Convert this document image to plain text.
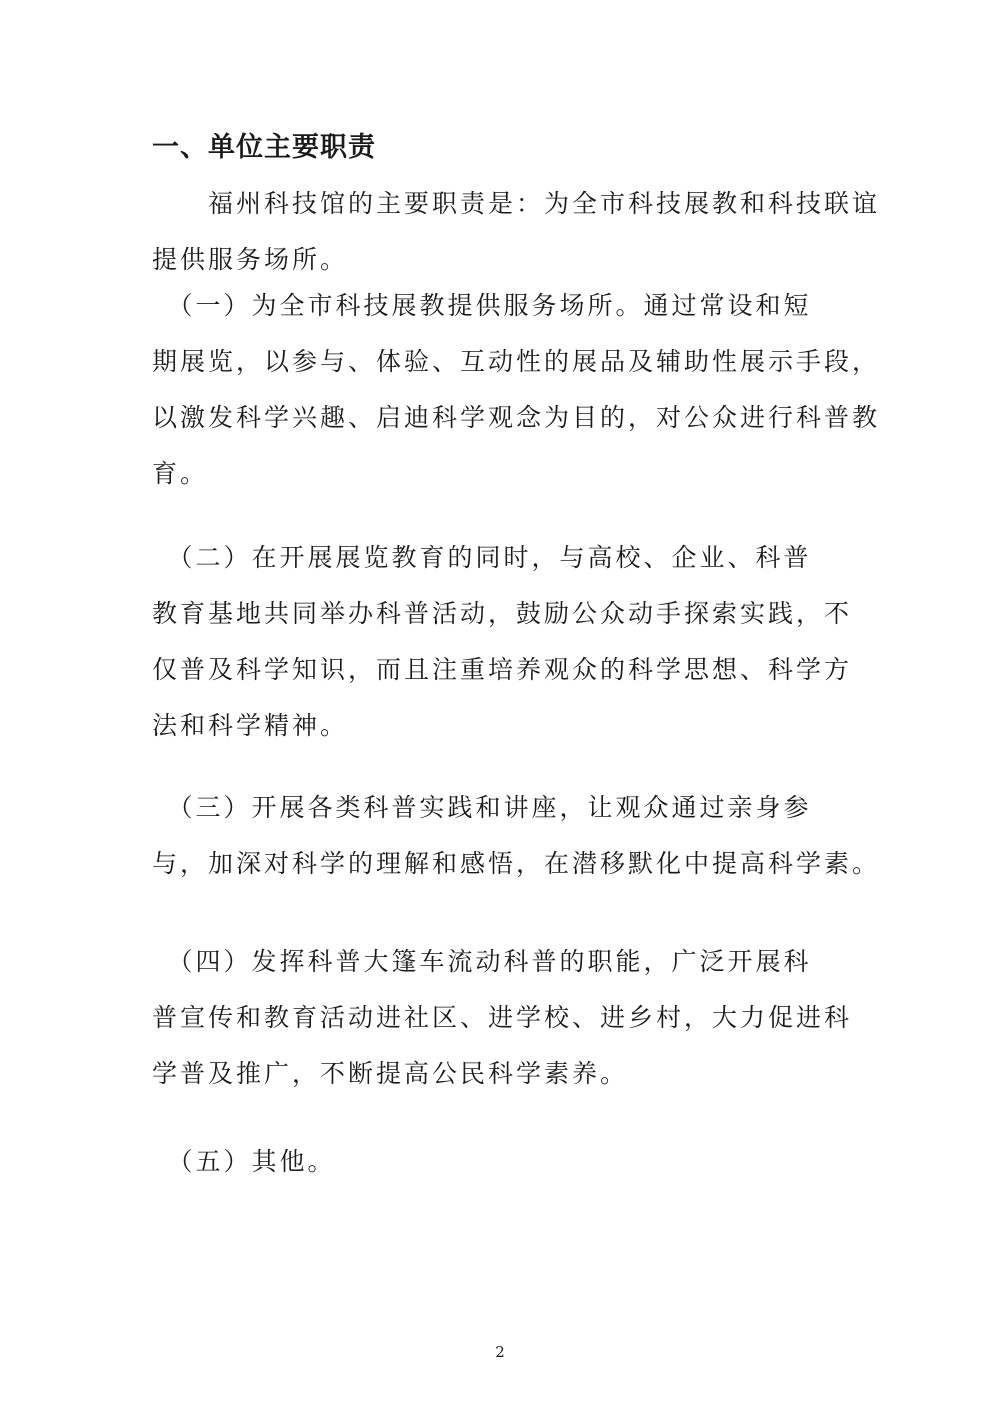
一、单位主要职责
　　福州科技馆的主要职责是：为全市科技展教和科技联谊
提供服务场所。
　（一）为全市科技展教提供服务场所。通过常设和短
期展览，以参与、体验、互动性的展品及辅助性展示手段，
以激发科学兴趣、启迪科学观念为目的，对公众进行科普教
育。
　（二）在开展展览教育的同时，与高校、企业、科普
教育基地共同举办科普活动，鼓励公众动手探索实践，不
仅普及科学知识，而且注重培养观众的科学思想、科学方
法和科学精神。
　（三）开展各类科普实践和讲座，让观众通过亲身参
与，加深对科学的理解和感悟，在潜移默化中提高科学素。
　（四）发挥科普大篷车流动科普的职能，广泛开展科
普宣传和教育活动进社区、进学校、进乡村，大力促进科
学普及推广，不断提高公民科学素养。
　（五）其他。
2
